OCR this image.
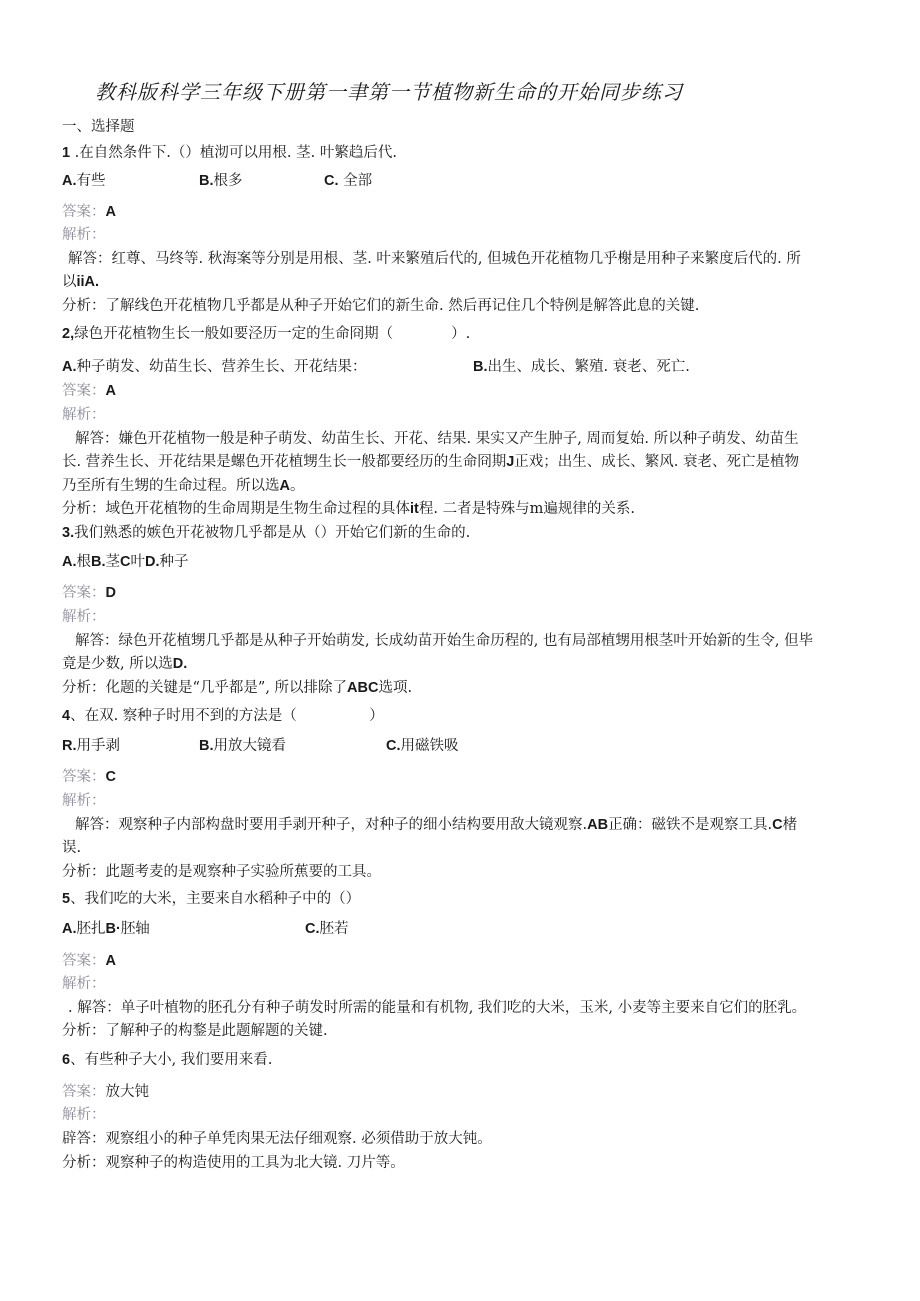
教科版科学三年级下册第一聿第一节植物新生命的开始同步练习
一、选择题
1 .在自然条件下.（）植沏可以用根. 茎. 叶繁趋后代.
A.有些	B.根多	C. 全部
答案：A
解析：
解答：红尊、马终等. 秋海案等分别是用根、茎. 叶来繁殖后代的, 但城色开花植物几乎榭是用种子来繁度后代的. 所
以iiA.
分析：了解线色开花植物几乎都是从种子开始它们的新生命. 然后再记住几个特例是解答此息的关键.
2,绿色开花植物生长一般如要泾历一定的生命冏期（　　　　）.
A.种子萌发、幼苗生长、营养生长、开花结果：	B.出生、成长、繁殖. 衰老、死亡.
答案：A
解析：
解答：嫌色开花植物一般是种子萌发、幼苗生长、开花、结果. 果实又产生肿子, 周而复始. 所以种子萌发、幼苗生
长. 营养生长、开花结果是螺色开花植甥生长一般都要经历的生命冏期J正戏；出生、成长、繁风. 衰老、死亡是植物
乃至所有生甥的生命过程。所以选A。
分析：域色开花植物的生命周期是生物生命过程的具体it程. 二者是特殊与m遍规律的关系.
3.我们熟悉的嫉色开花被物几乎都是从（）开始它们新的生命的.
A.根B.茎C叶D.种子
答案：D
解析：
解答：绿色开花植甥几乎都是从种子开始萌发, 长成幼苗开始生命历程的, 也有局部植甥用根茎叶开始新的生令, 但毕
竟是少数, 所以选D.
分析：化题的关键是“几乎都是”, 所以排除了ABC选项.
4、在双. 察种子时用不到的方法是（　　　　　）
R.用手剥	B.用放大镜看	C.用磁铁吸
答案：C
解析：
解答：观察种子内部构盘时要用手剥开种子，对种子的细小结构要用敌大镜观察.AB正确：磁铁不是观察工具.C楮
误.
分析：此题考麦的是观察种子实验所蕉要的工具。
5、我们吃的大米，主要来自水稻种子中的（）
A.胚扎B·胚轴	C.胚若
答案：A
解析：
. 解答：单子叶植物的胚孔分有种子萌发时所需的能量和有机物, 我们吃的大米，玉米, 小麦等主要来自它们的胚乳。
分析：了解种子的构鍪是此题解题的关键.
6、有些种子大小, 我们要用来看.
答案：放大钝
解析：
辟答：观察组小的种子单凭肉果无法仔细观察. 必须借助于放大钝。
分析：观察种子的构造使用的工具为北大镜. 刀片等。
